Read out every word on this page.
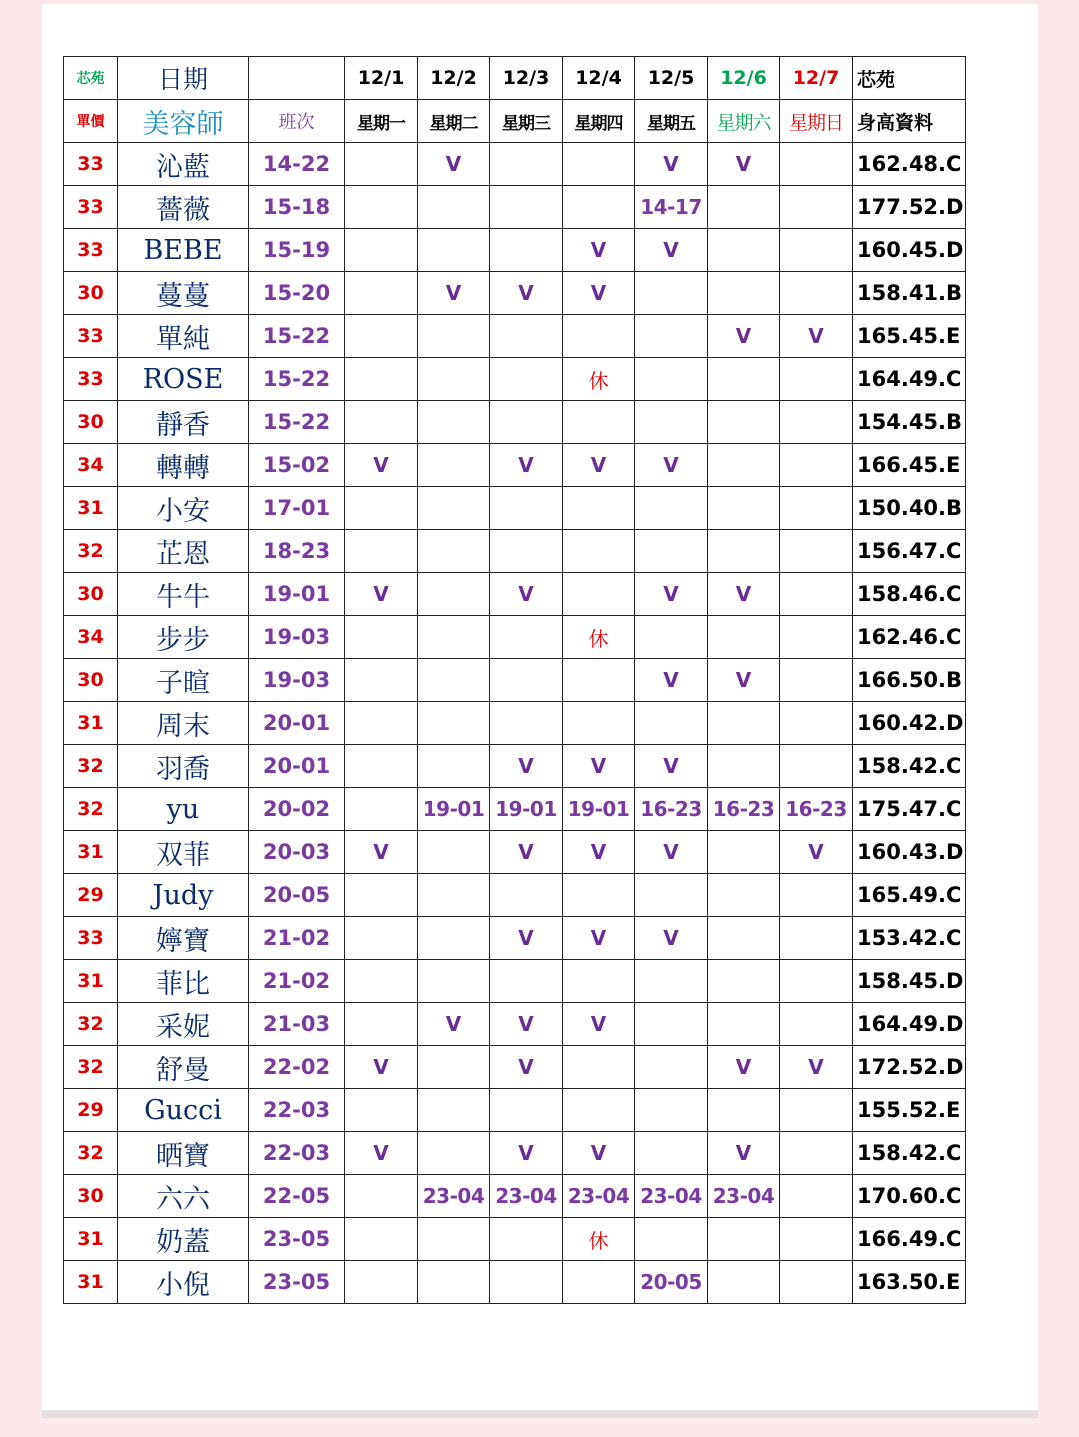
芯苑	日期		12/1	12/2	12/3	12/4	12/5	12/6	12/7	芯苑
單價	美容師	班次	星期一	星期二	星期三	星期四	星期五	星期六	星期日	身高資料
33	沁藍	14-22		V			V	V		162.48.C
33	薔薇	15-18					14-17			177.52.D
33	BEBE	15-19				V	V			160.45.D
30	蔓蔓	15-20		V	V	V				158.41.B
33	單純	15-22						V	V	165.45.E
33	ROSE	15-22				休				164.49.C
30	靜香	15-22								154.45.B
34	轉轉	15-02	V		V	V	V			166.45.E
31	小安	17-01								150.40.B
32	芷恩	18-23								156.47.C
30	牛牛	19-01	V		V		V	V		158.46.C
34	步步	19-03				休				162.46.C
30	子暄	19-03					V	V		166.50.B
31	周末	20-01								160.42.D
32	羽喬	20-01			V	V	V			158.42.C
32	yu	20-02		19-01	19-01	19-01	16-23	16-23	16-23	175.47.C
31	双菲	20-03	V		V	V	V		V	160.43.D
29	Judy	20-05								165.49.C
33	嬣寶	21-02			V	V	V			153.42.C
31	菲比	21-02								158.45.D
32	采妮	21-03		V	V	V				164.49.D
32	舒曼	22-02	V		V			V	V	172.52.D
29	Gucci	22-03								155.52.E
32	晒寶	22-03	V		V	V		V		158.42.C
30	六六	22-05		23-04	23-04	23-04	23-04	23-04		170.60.C
31	奶蓋	23-05				休				166.49.C
31	小倪	23-05					20-05			163.50.E
